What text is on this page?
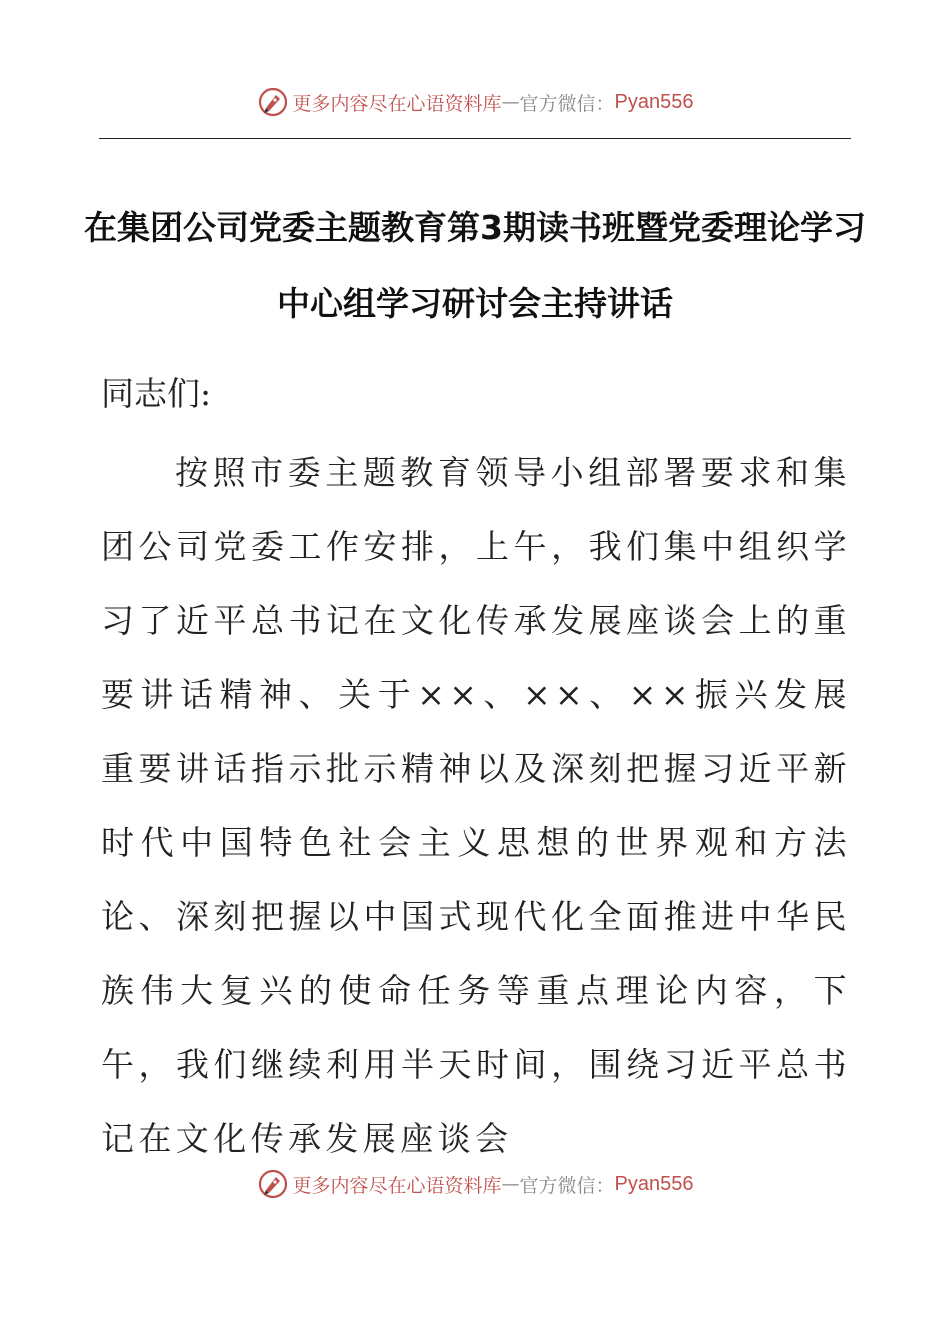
更多内容尽在心语资料库 — 官方微信： Pyan556
在集团公司党委主题教育第3期读书班暨党委理论学习中心组学习研讨会主持讲话
同志们:
按照市委主题教育领导小组部署要求和集团公司党委工作安排，上午，我们集中组织学习了近平总书记在文化传承发展座谈会上的重要讲话精神、关于××、××、××振兴发展重要讲话指示批示精神以及深刻把握习近平新时代中国特色社会主义思想的世界观和方法论、深刻把握以中国式现代化全面推进中华民族伟大复兴的使命任务等重点理论内容，下午，我们继续利用半天时间，围绕习近平总书记在文化传承发展座谈会
更多内容尽在心语资料库 — 官方微信： Pyan556
